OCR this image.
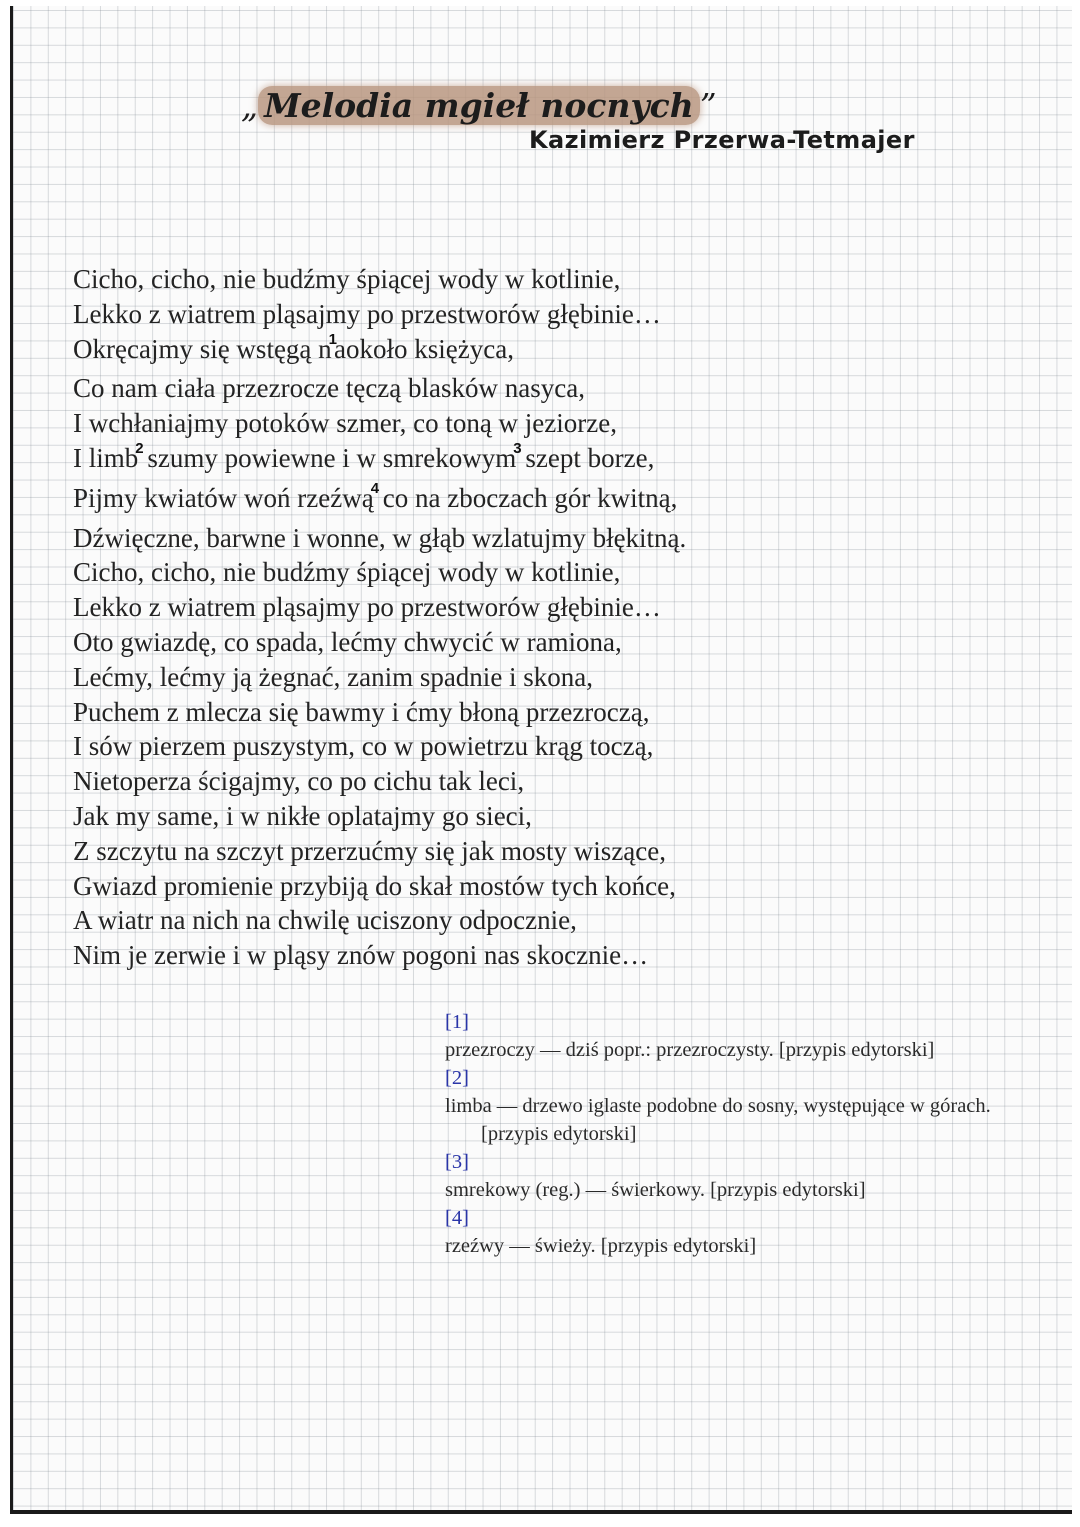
„ Melodia mgieł nocnych ”
Kazimierz Przerwa-Tetmajer
Cicho, cicho, nie budźmy śpiącej wody w kotlinie,
Lekko z wiatrem pląsajmy po przestworów głębinie…
Okręcajmy się wstęgą n$^1$aokoło księżyca,
Co nam ciała przezrocze tęczą blasków nasyca,
I wchłaniajmy potoków szmer, co toną w jeziorze,
I limb$^2$ szumy powiewne i w smrekowym$^3$ szept borze,
Pijmy kwiatów woń rzeźwą$^4$ co na zboczach gór kwitną,
Dźwięczne, barwne i wonne, w głąb wzlatujmy błękitną.
Cicho, cicho, nie budźmy śpiącej wody w kotlinie,
Lekko z wiatrem pląsajmy po przestworów głębinie…
Oto gwiazdę, co spada, lećmy chwycić w ramiona,
Lećmy, lećmy ją żegnać, zanim spadnie i skona,
Puchem z mlecza się bawmy i ćmy błoną przezroczą,
I sów pierzem puszystym, co w powietrzu krąg toczą,
Nietoperza ścigajmy, co po cichu tak leci,
Jak my same, i w nikłe oplatajmy go sieci,
Z szczytu na szczyt przerzućmy się jak mosty wiszące,
Gwiazd promienie przybiją do skał mostów tych końce,
A wiatr na nich na chwilę uciszony odpocznie,
Nim je zerwie i w pląsy znów pogoni nas skocznie…
[1]
przezroczy — dziś popr.: przezroczysty. [przypis edytorski]
[2]
limba — drzewo iglaste podobne do sosny, występujące w górach. [przypis edytorski]
[3]
smrekowy (reg.) — świerkowy. [przypis edytorski]
[4]
rzeźwy — świeży. [przypis edytorski]
